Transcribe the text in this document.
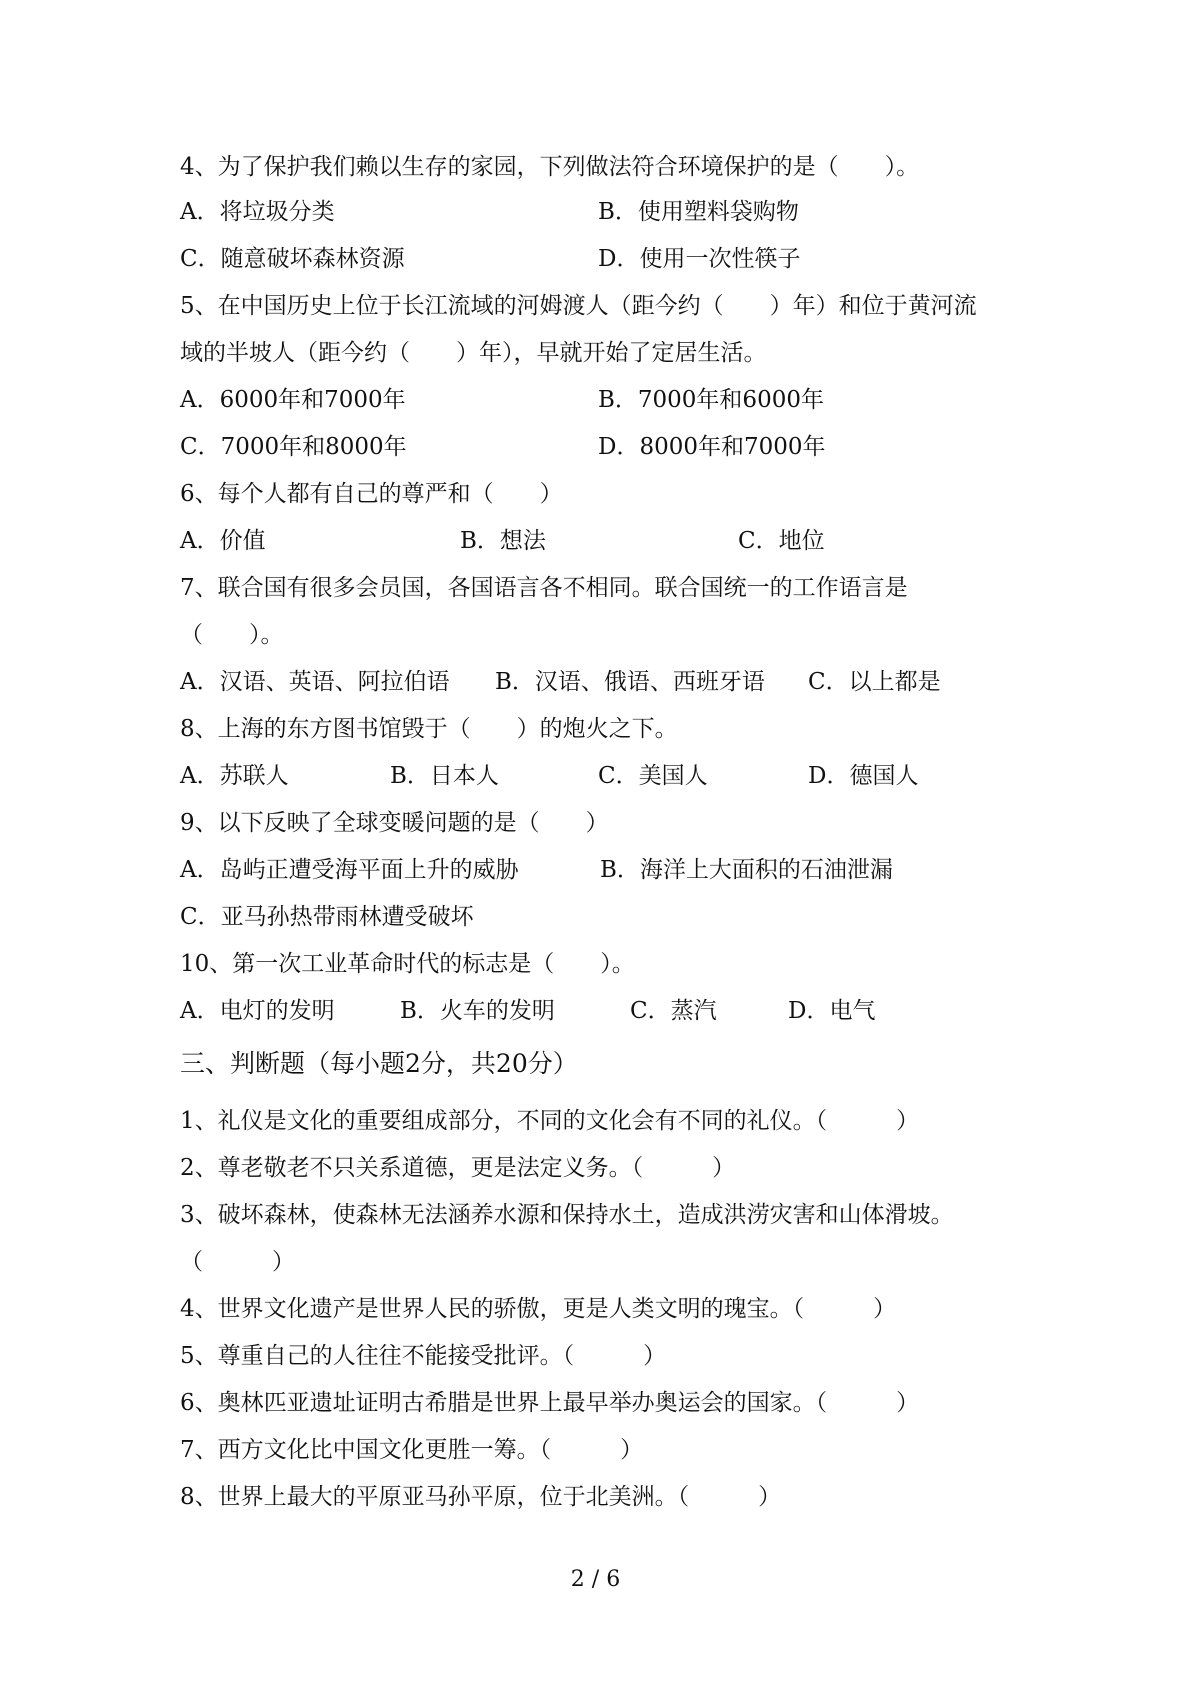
4、为了保护我们赖以生存的家园，下列做法符合环境保护的是（　　）。
A．将垃圾分类	B．使用塑料袋购物
C．随意破坏森林资源	D．使用一次性筷子
5、在中国历史上位于长江流域的河姆渡人（距今约（　　）年）和位于黄河流
域的半坡人（距今约（　　）年），早就开始了定居生活。
A．6000年和7000年	B．7000年和6000年
C．7000年和8000年	D．8000年和7000年
6、每个人都有自己的尊严和（　　）
A．价值	B．想法	C．地位
7、联合国有很多会员国，各国语言各不相同。联合国统一的工作语言是
（　　）。
A．汉语、英语、阿拉伯语 B．汉语、俄语、西班牙语 C．以上都是
8、上海的东方图书馆毁于（　　）的炮火之下。
A．苏联人	B．日本人	C．美国人	D．德国人
9、以下反映了全球变暖问题的是（　　）
A．岛屿正遭受海平面上升的威胁	B．海洋上大面积的石油泄漏
C．亚马孙热带雨林遭受破坏
10、第一次工业革命时代的标志是（　　）。
A．电灯的发明	B．火车的发明	C．蒸汽	D．电气
三、判断题（每小题2分，共20分）
1、礼仪是文化的重要组成部分，不同的文化会有不同的礼仪。（　　　）
2、尊老敬老不只关系道德，更是法定义务。（　　　）
3、破坏森林，使森林无法涵养水源和保持水土，造成洪涝灾害和山体滑坡。
（　　　）
4、世界文化遗产是世界人民的骄傲，更是人类文明的瑰宝。（　　　）
5、尊重自己的人往往不能接受批评。（　　　）
6、奥林匹亚遗址证明古希腊是世界上最早举办奥运会的国家。（　　　）
7、西方文化比中国文化更胜一筹。（　　　）
8、世界上最大的平原亚马孙平原，位于北美洲。（　　　）
2 / 6
